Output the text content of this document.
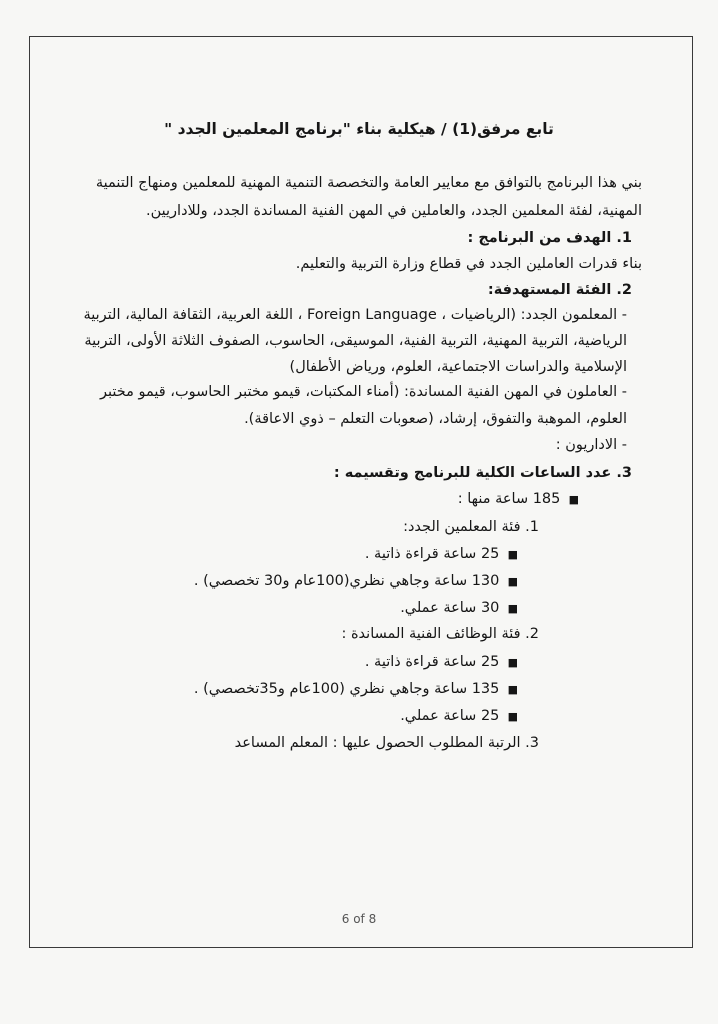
تابع مرفق(1) / هيكلية بناء "برنامج المعلمين الجدد "
بني هذا البرنامج بالتوافق مع معايير العامة والتخصصة التنمية المهنية للمعلمين ومنهاج التنمية
المهنية، لفئة المعلمين الجدد، والعاملين في المهن الفنية المساندة الجدد، وللاداريين.
1. الهدف من البرنامج :
بناء قدرات العاملين الجدد في قطاع وزارة التربية والتعليم.
2. الفئة المستهدفة:
- المعلمون الجدد: (الرياضيات ، Foreign Language ، اللغة العربية، الثقافة المالية، التربية
الرياضية، التربية المهنية، التربية الفنية، الموسيقى، الحاسوب، الصفوف الثلاثة الأولى، التربية
الإسلامية والدراسات الاجتماعية، العلوم، ورياض الأطفال)
- العاملون في المهن الفنية المساندة: (أمناء المكتبات، قيمو مختبر الحاسوب، قيمو مختبر
العلوم، الموهبة والتفوق، إرشاد، (صعوبات التعلم – ذوي الاعاقة).
- الاداريون :
3. عدد الساعات الكلية للبرنامج وتقسيمه :
■ 185 ساعة منها :
1. فئة المعلمين الجدد:
■ 25 ساعة قراءة ذاتية .
■ 130 ساعة وجاهي نظري(100عام و30 تخصصي) .
■ 30 ساعة عملي.
2. فئة الوظائف الفنية المساندة :
■ 25 ساعة قراءة ذاتية .
■ 135 ساعة وجاهي نظري (100عام و35تخصصي) .
■ 25 ساعة عملي.
3. الرتبة المطلوب الحصول عليها : المعلم المساعد
6 of 8
